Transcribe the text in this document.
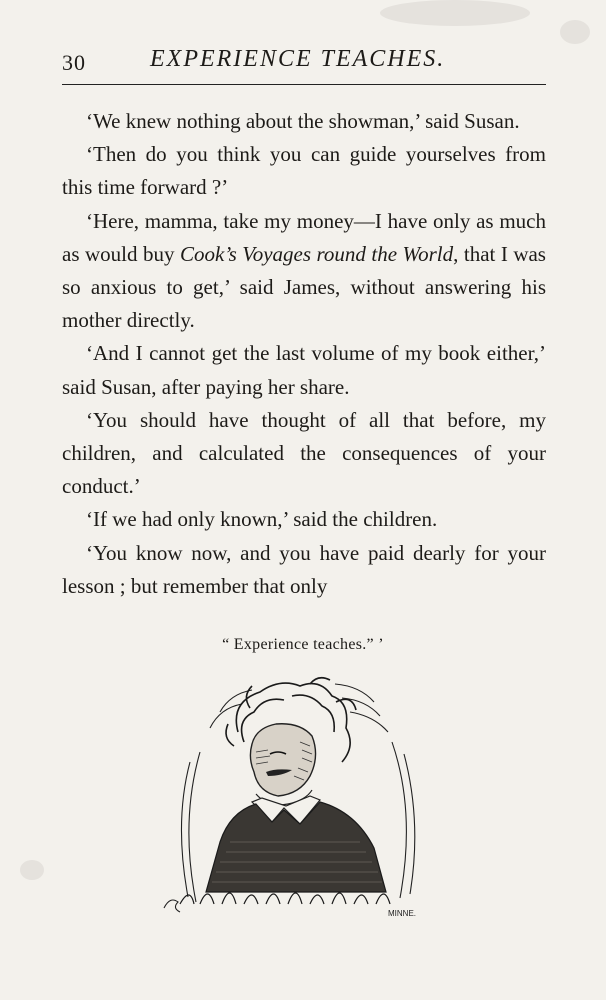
30	EXPERIENCE TEACHES.

‘We knew nothing about the showman,’ said Susan.

‘Then do you think you can guide yourselves from this time forward ?’

‘Here, mamma, take my money—I have only as much as would buy Cook’s Voyages round the World, that I was so anxious to get,’ said James, without answering his mother directly.

‘And I cannot get the last volume of my book either,’ said Susan, after paying her share.

‘You should have thought of all that before, my children, and calculated the consequences of your conduct.’

‘If we had only known,’ said the children.

‘You know now, and you have paid dearly for your lesson ; but remember that only

“ Experience teaches.” ’
MINNE.
